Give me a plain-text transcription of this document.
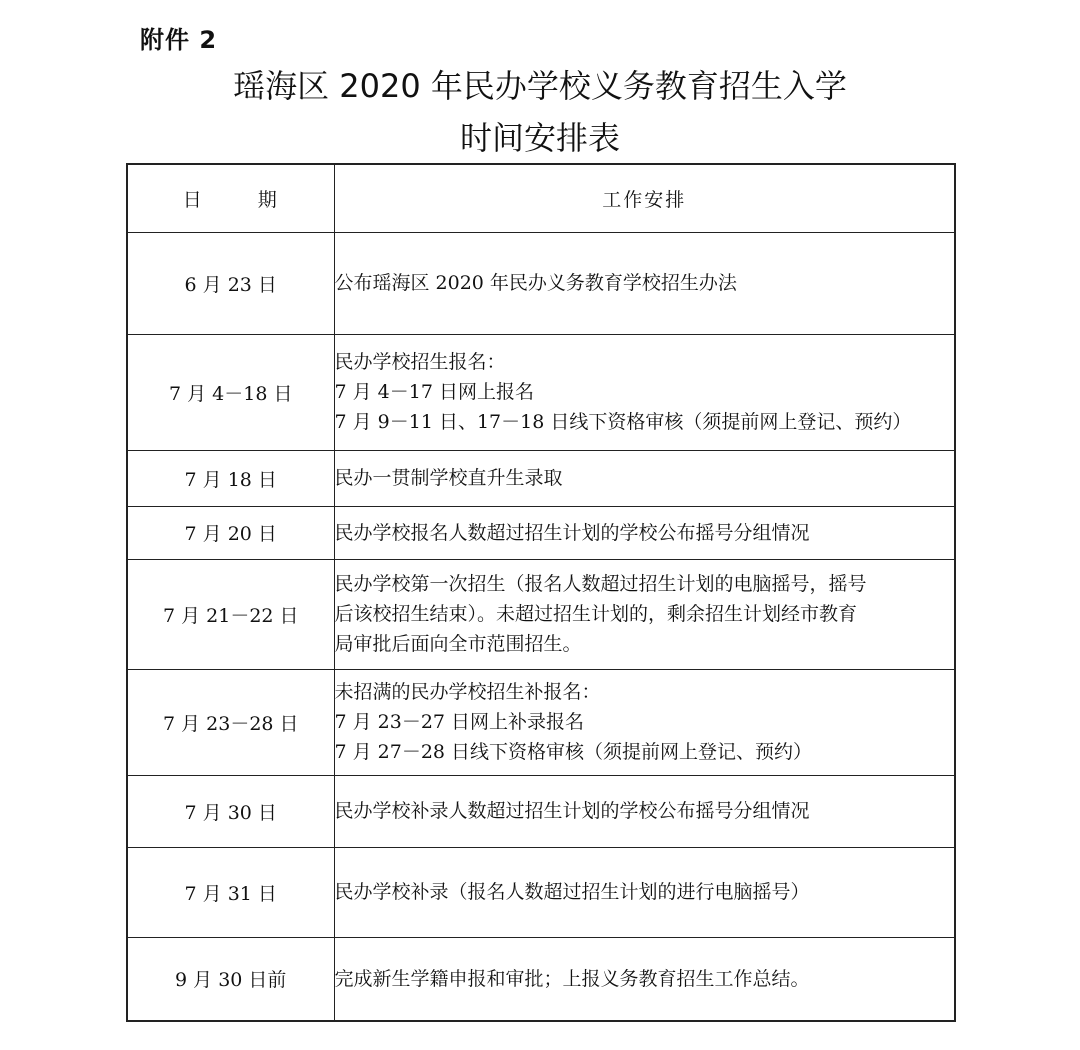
附件 2
瑶海区 2020 年民办学校义务教育招生入学
时间安排表
日 期	工作安排
6 月 23 日	公布瑶海区 2020 年民办义务教育学校招生办法

7 月 4－18 日	民办学校招生报名：
7 月 4－17 日网上报名
7 月 9－11 日、17－18 日线下资格审核（须提前网上登记、预约）

7 月 18 日	民办一贯制学校直升生录取

7 月 20 日	民办学校报名人数超过招生计划的学校公布摇号分组情况

7 月 21－22 日	民办学校第一次招生（报名人数超过招生计划的电脑摇号，摇号
后该校招生结束）。未超过招生计划的，剩余招生计划经市教育
局审批后面向全市范围招生。

7 月 23－28 日	未招满的民办学校招生补报名：
7 月 23－27 日网上补录报名
7 月 27－28 日线下资格审核（须提前网上登记、预约）

7 月 30 日	民办学校补录人数超过招生计划的学校公布摇号分组情况

7 月 31 日	民办学校补录（报名人数超过招生计划的进行电脑摇号）

9 月 30 日前	完成新生学籍申报和审批；上报义务教育招生工作总结。
